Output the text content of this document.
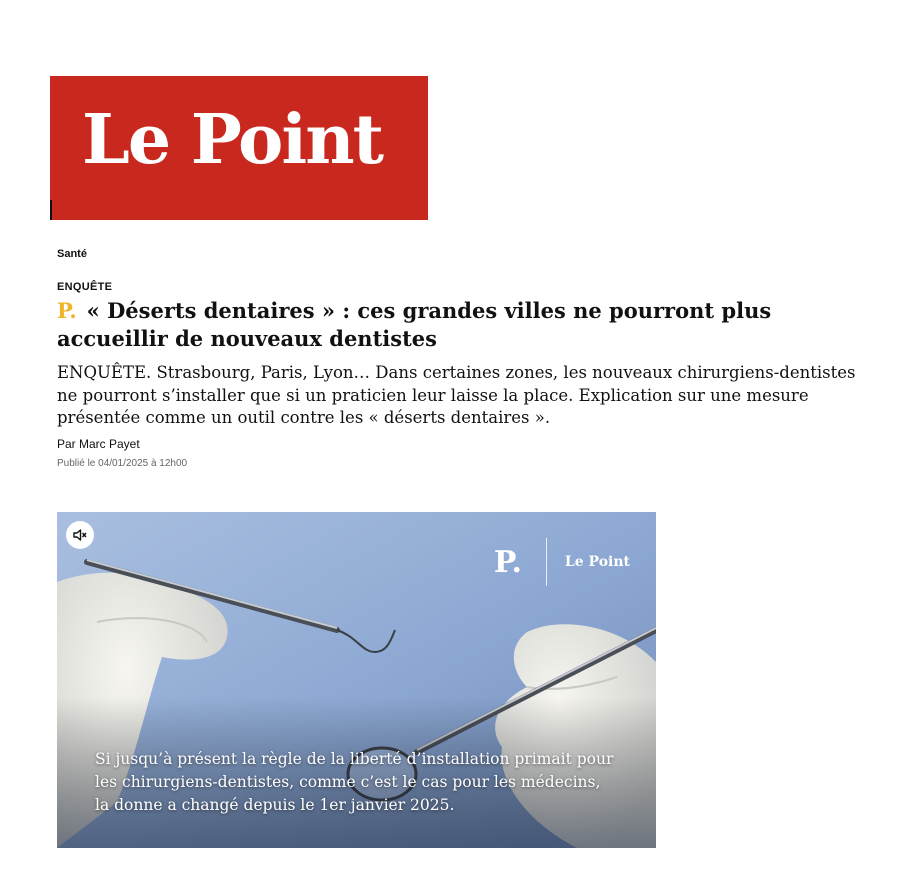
Le Point
Santé
ENQUÊTE
P. « Déserts dentaires » : ces grandes villes ne pourront plus accueillir de nouveaux dentistes

ENQUÊTE. Strasbourg, Paris, Lyon… Dans certaines zones, les nouveaux chirurgiens-dentistes ne pourront s’installer que si un praticien leur laisse la place. Explication sur une mesure présentée comme un outil contre les « déserts dentaires ».

Par Marc Payet
Publié le 04/01/2025 à 12h00
P.	Le Point

Si jusqu’à présent la règle de la liberté d’installation primait pour les chirurgiens-dentistes, comme c’est le cas pour les médecins, la donne a changé depuis le 1er janvier 2025.
